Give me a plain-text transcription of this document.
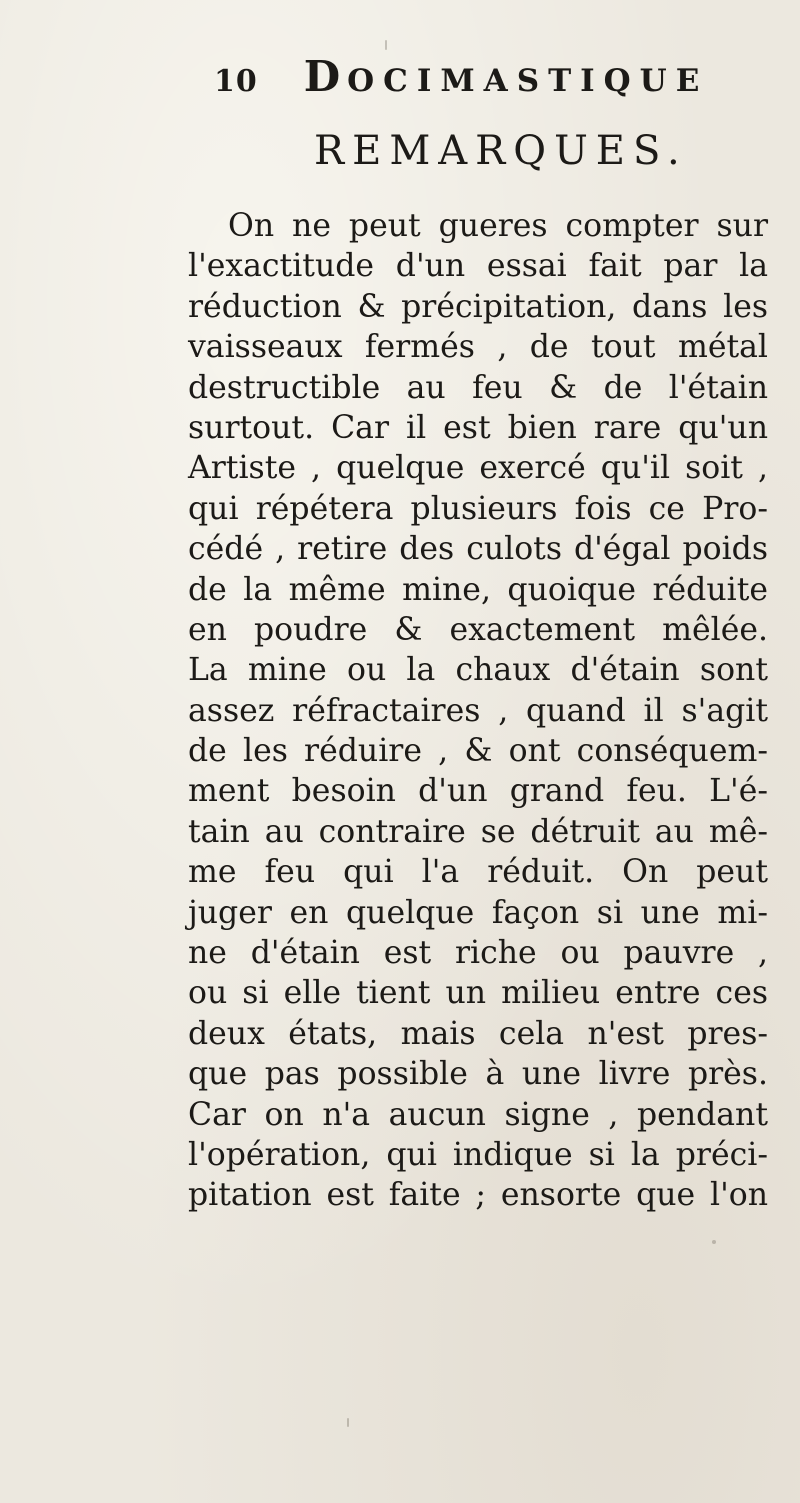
10 DOCIMASTIQUE
REMARQUES.
On ne peut gueres compter sur
l'exactitude d'un essai fait par la
réduction & précipitation, dans les
vaisseaux fermés , de tout métal
destructible au feu & de l'étain
surtout. Car il est bien rare qu'un
Artiste , quelque exercé qu'il soit ,
qui répétera plusieurs fois ce Pro-
cédé , retire des culots d'égal poids
de la même mine, quoique réduite
en poudre & exactement mêlée.
La mine ou la chaux d'étain sont
assez réfractaires , quand il s'agit
de les réduire , & ont conséquem-
ment besoin d'un grand feu. L'é-
tain au contraire se détruit au mê-
me feu qui l'a réduit. On peut
juger en quelque façon si une mi-
ne d'étain est riche ou pauvre ,
ou si elle tient un milieu entre ces
deux états, mais cela n'est pres-
que pas possible à une livre près.
Car on n'a aucun signe , pendant
l'opération, qui indique si la préci-
pitation est faite ; ensorte que l'on
